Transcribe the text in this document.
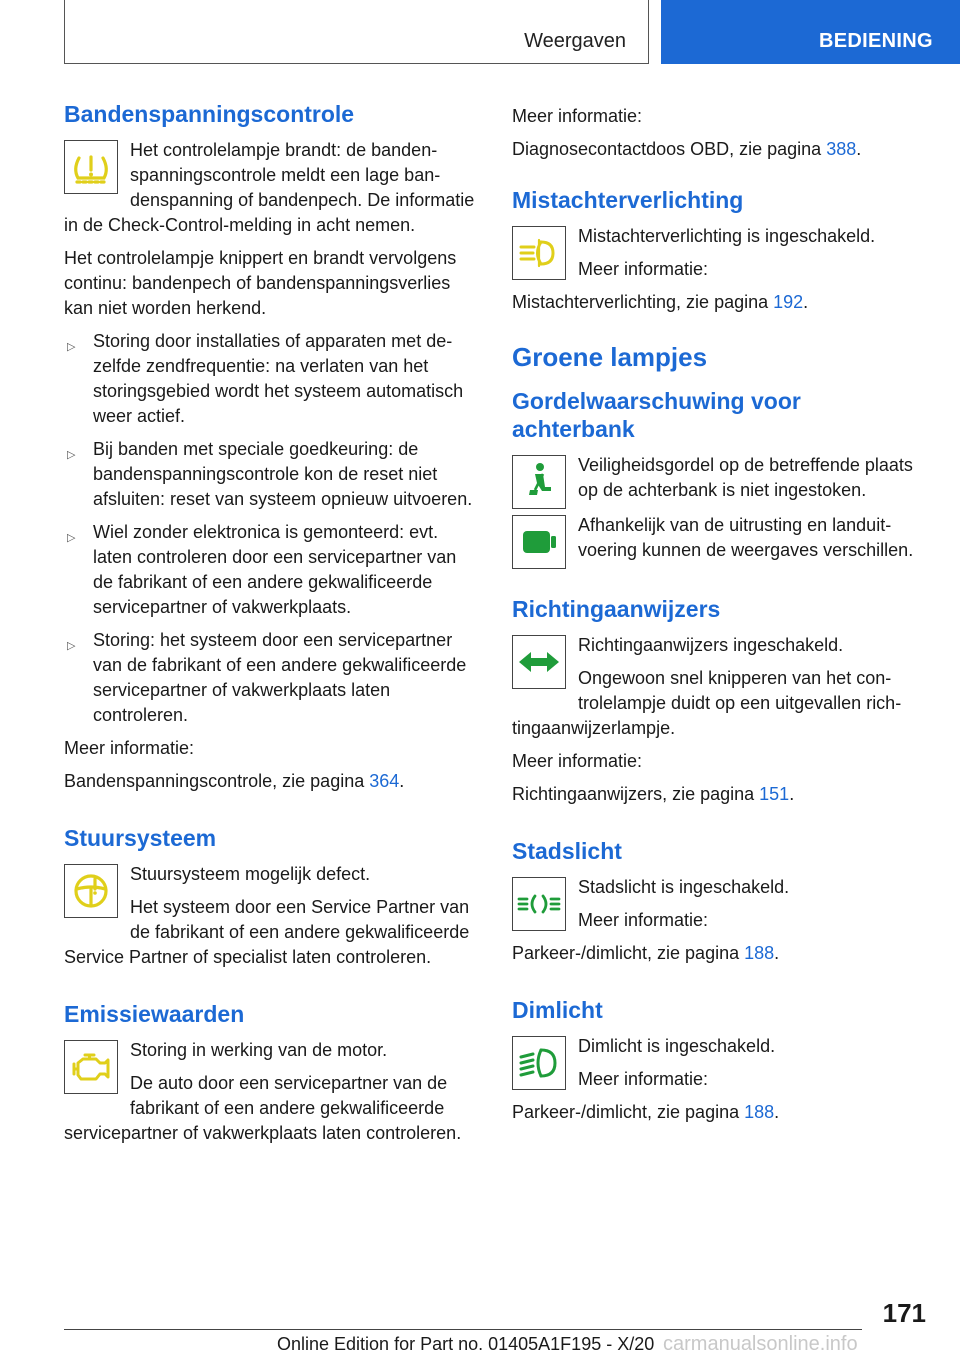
Weergaven	BEDIENING
Bandenspanningscontrole

Het controlelampje brandt: de bandenspanningscontrole meldt een lage bandenspanning of bandenpech. De informatie in de Check-Control-melding in acht nemen.

Het controlelampje knippert en brandt vervolgens continu: bandenpech of bandenspanningsverlies kan niet worden herkend.

▷ Storing door installaties of apparaten met dezelfde zendfrequentie: na verlaten van het storingsgebied wordt het systeem automatisch weer actief.
▷ Bij banden met speciale goedkeuring: de bandenspanningscontrole kon de reset niet afsluiten: reset van systeem opnieuw uitvoeren.
▷ Wiel zonder elektronica is gemonteerd: evt. laten controleren door een servicepartner van de fabrikant of een andere gekwalificeerde servicepartner of vakwerkplaats.
▷ Storing: het systeem door een servicepartner van de fabrikant of een andere gekwalificeerde servicepartner of vakwerkplaats laten controleren.

Meer informatie:

Bandenspanningscontrole, zie pagina 364.

Stuursysteem

Stuursysteem mogelijk defect.

Het systeem door een Service Partner van de fabrikant of een andere gekwalificeerde Service Partner of specialist laten controleren.

Emissiewaarden

Storing in werking van de motor.

De auto door een servicepartner van de fabrikant of een andere gekwalificeerde servicepartner of vakwerkplaats laten controleren.

Meer informatie:

Diagnosecontactdoos OBD, zie pagina 388.

Mistachterverlichting

Mistachterverlichting is ingeschakeld.

Meer informatie:

Mistachterverlichting, zie pagina 192.

Groene lampjes
Gordelwaarschuwing voor achterbank

Veiligheidsgordel op de betreffende plaats op de achterbank is niet ingestoken.

Afhankelijk van de uitrusting en landuitvoering kunnen de weergaves verschillen.

Richtingaanwijzers

Richtingaanwijzers ingeschakeld.

Ongewoon snel knipperen van het controlelampje duidt op een uitgevallen richtingaanwijzerlampje.

Meer informatie:

Richtingaanwijzers, zie pagina 151.

Stadslicht

Stadslicht is ingeschakeld.

Meer informatie:

Parkeer-/dimlicht, zie pagina 188.

Dimlicht

Dimlicht is ingeschakeld.

Meer informatie:

Parkeer-/dimlicht, zie pagina 188.

171
Online Edition for Part no. 01405A1F195 - X/20 carmanualsonline.info
